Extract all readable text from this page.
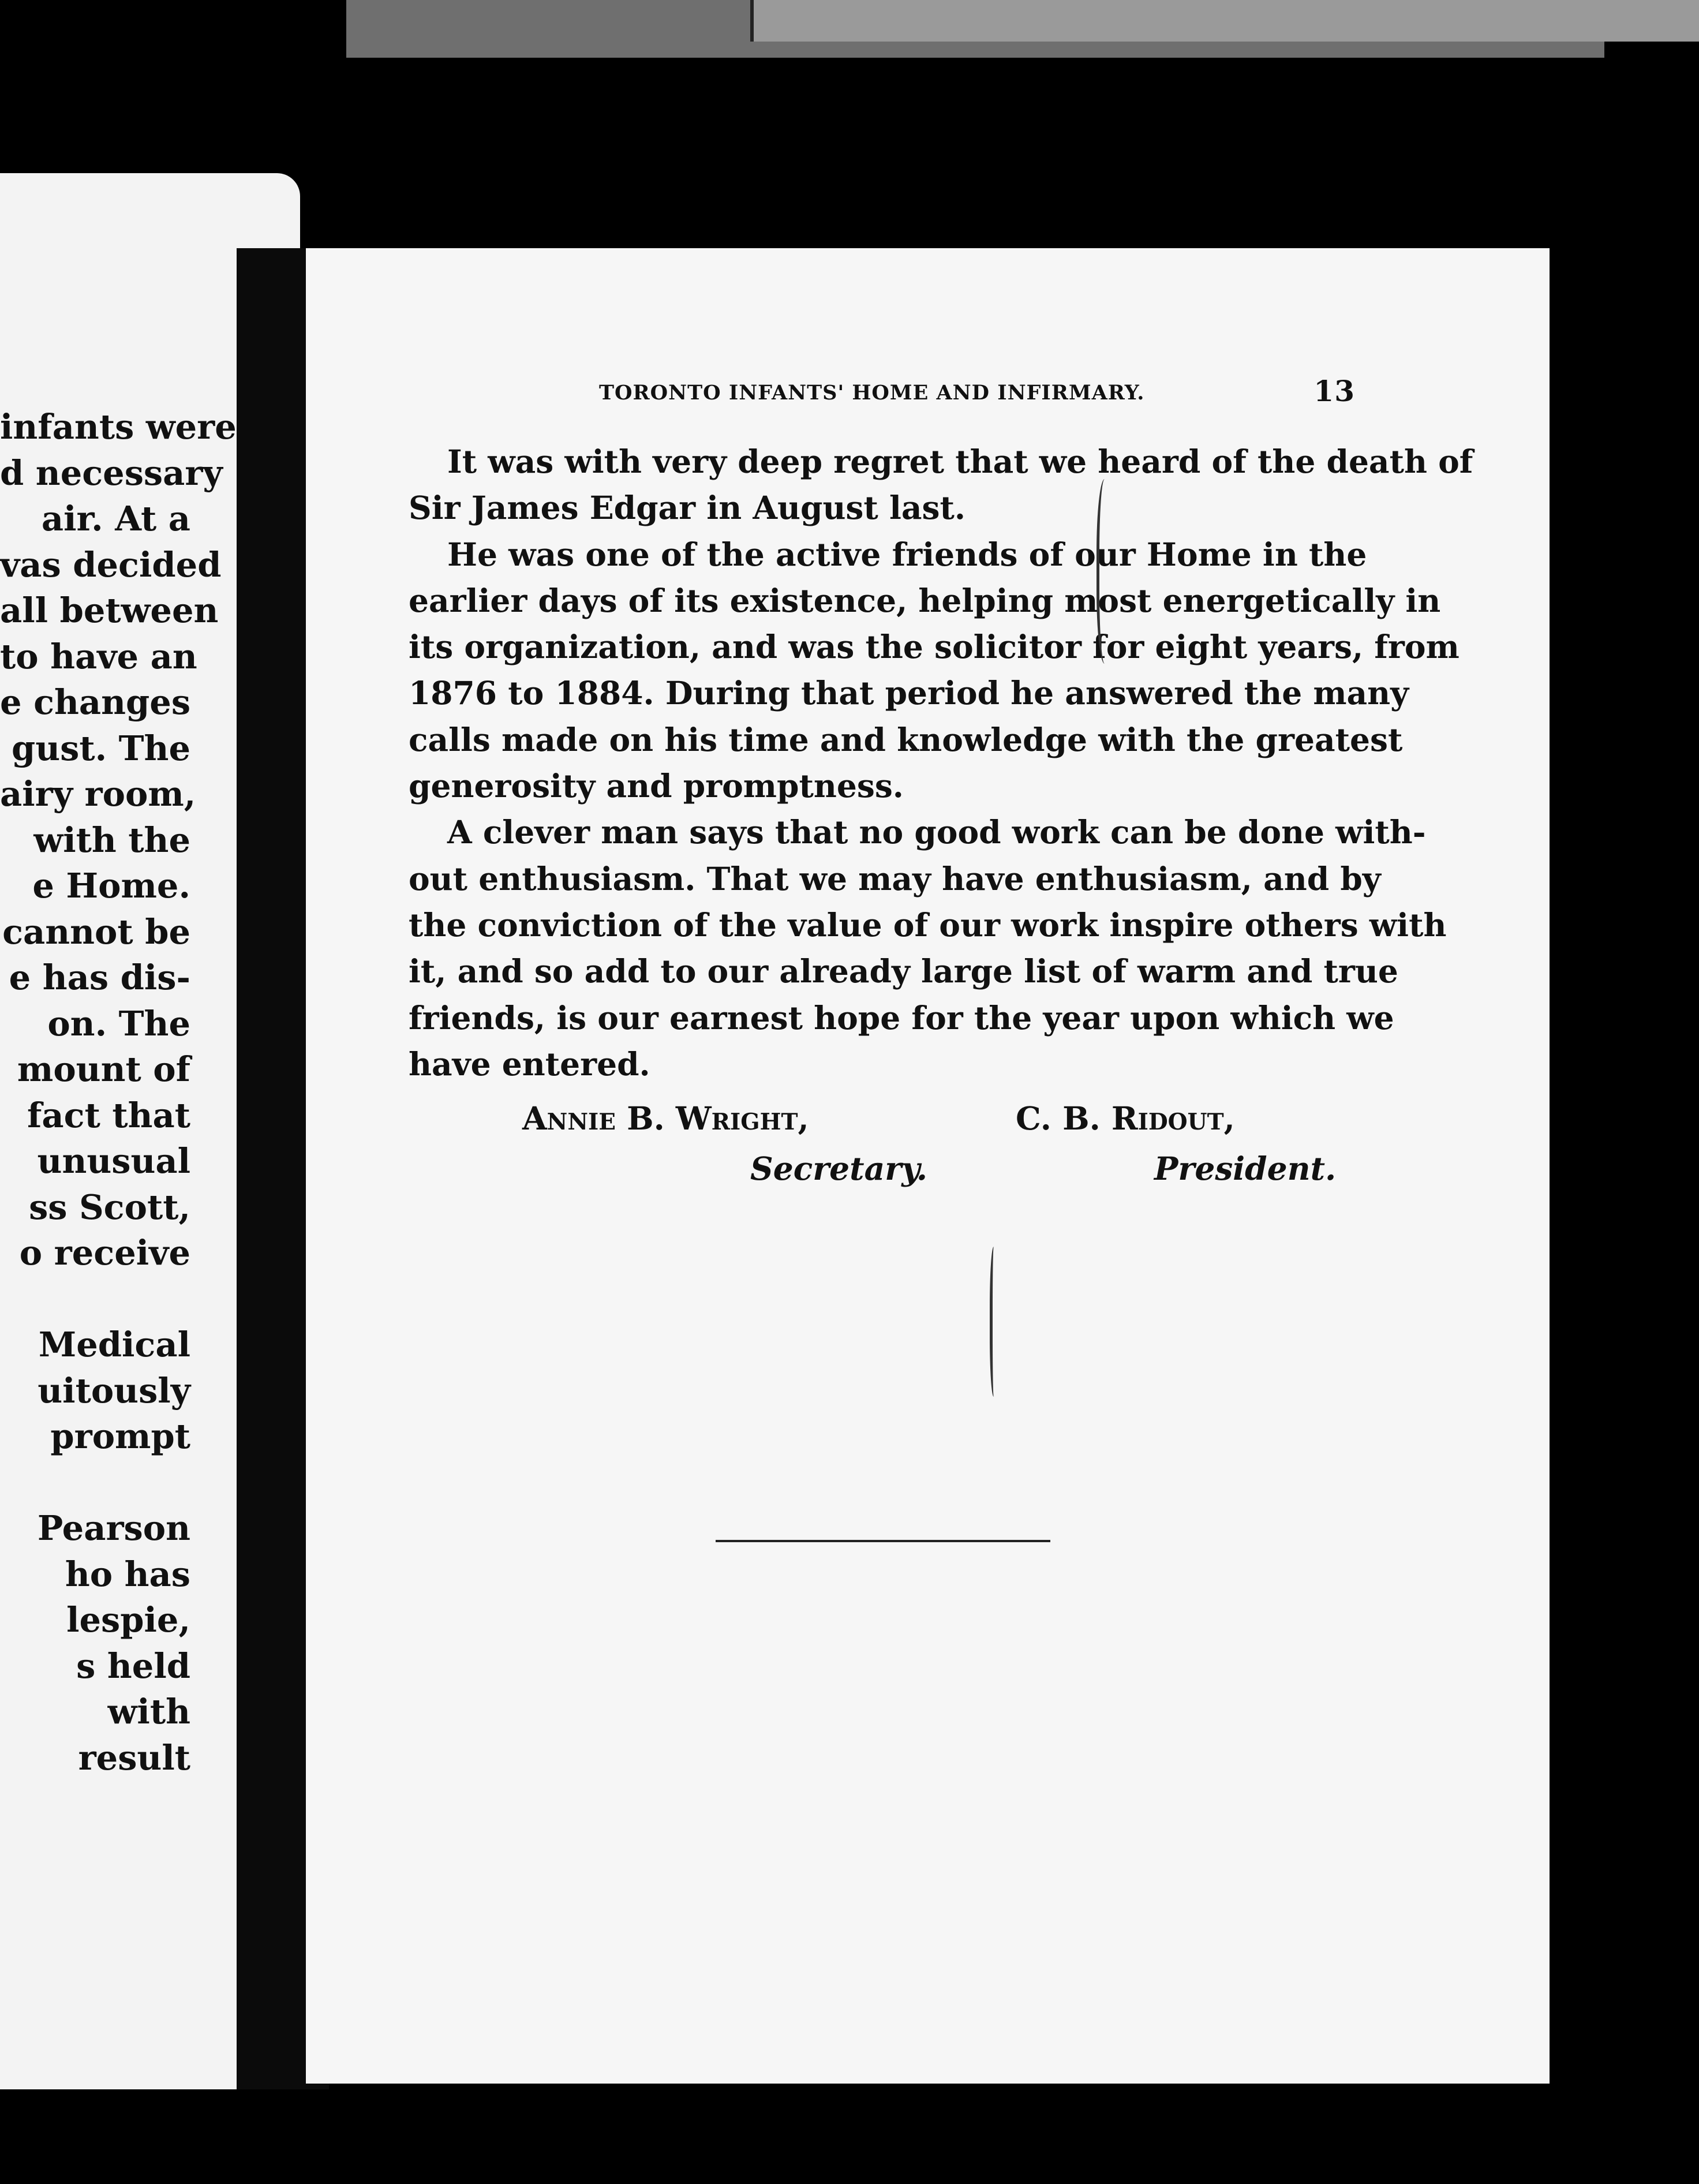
infants were
d necessary
air. At a
vas decided
all between
to have an
e changes
gust. The
airy room,
with the
e Home.
cannot be
e has dis-
on. The
mount of
fact that
unusual
ss Scott,
o receive
Medical
uitously
prompt
Pearson
ho has
lespie,
s held
with
result
TORONTO INFANTS' HOME AND INFIRMARY.	13
It was with very deep regret that we heard of the death of
Sir James Edgar in August last.
He was one of the active friends of our Home in the
earlier days of its existence, helping most energetically in
its organization, and was the solicitor for eight years, from
1876 to 1884. During that period he answered the many
calls made on his time and knowledge with the greatest
generosity and promptness.
A clever man says that no good work can be done with-
out enthusiasm. That we may have enthusiasm, and by
the conviction of the value of our work inspire others with
it, and so add to our already large list of warm and true
friends, is our earnest hope for the year upon which we
have entered.
Annie B. Wright,
Secretary.
C. B. Ridout,
President.
